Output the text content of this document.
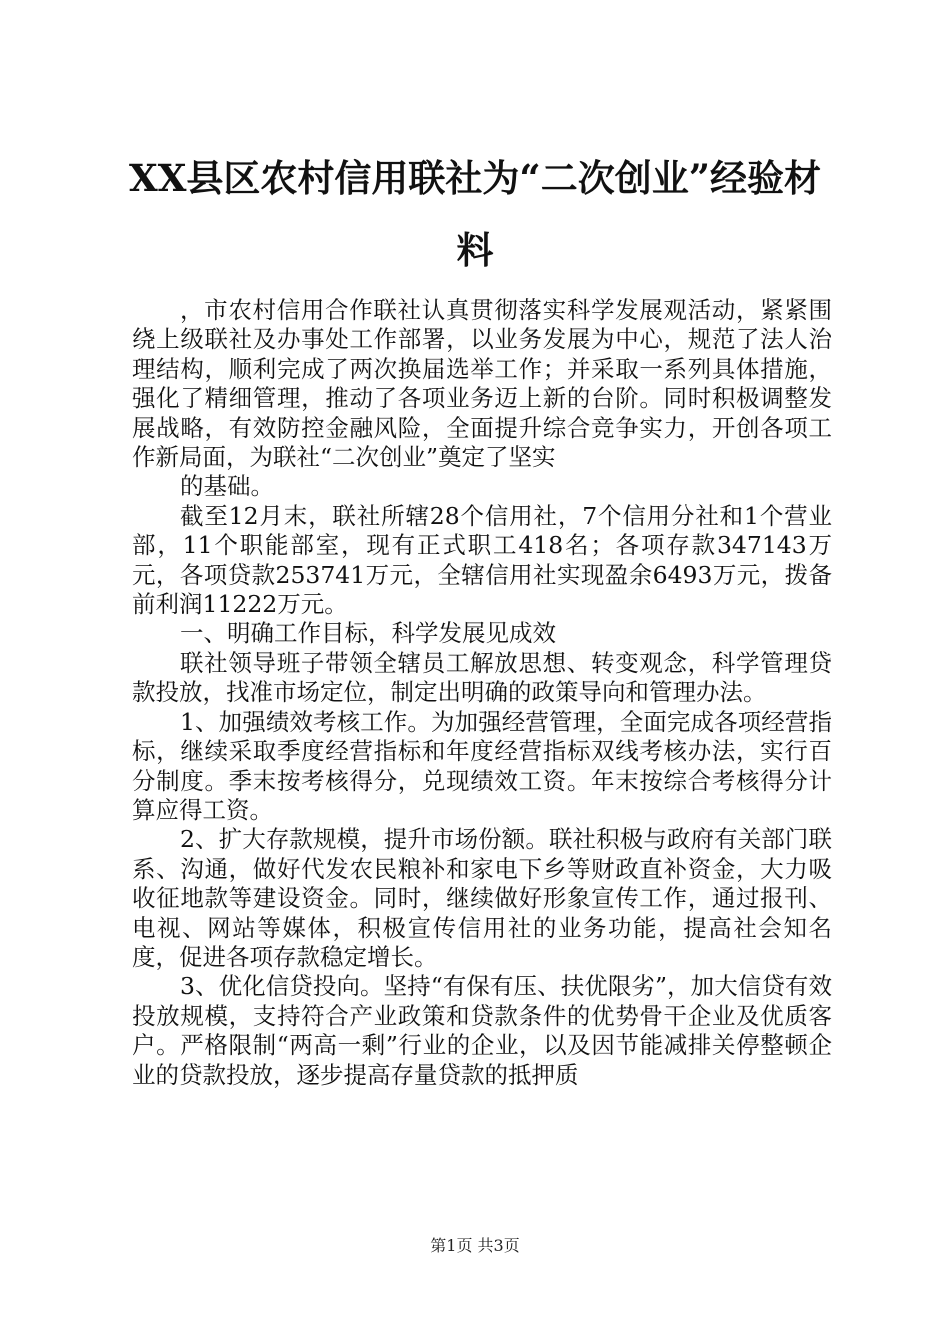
XX县区农村信用联社为“二次创业”经验材
料

，市农村信用合作联社认真贯彻落实科学发展观活动，紧紧围绕上级联社及办事处工作部署，以业务发展为中心，规范了法人治理结构，顺利完成了两次换届选举工作；并采取一系列具体措施，强化了精细管理，推动了各项业务迈上新的台阶。同时积极调整发展战略，有效防控金融风险，全面提升综合竞争实力，开创各项工作新局面，为联社“二次创业”奠定了坚实

的基础。

截至12月末，联社所辖28个信用社，7个信用分社和1个营业部，11个职能部室，现有正式职工418名；各项存款347143万元，各项贷款253741万元，全辖信用社实现盈余6493万元，拨备前利润11222万元。

一、明确工作目标，科学发展见成效

联社领导班子带领全辖员工解放思想、转变观念，科学管理贷款投放，找准市场定位，制定出明确的政策导向和管理办法。

1、加强绩效考核工作。为加强经营管理，全面完成各项经营指标，继续采取季度经营指标和年度经营指标双线考核办法，实行百分制度。季末按考核得分，兑现绩效工资。年末按综合考核得分计算应得工资。

2、扩大存款规模，提升市场份额。联社积极与政府有关部门联系、沟通，做好代发农民粮补和家电下乡等财政直补资金，大力吸收征地款等建设资金。同时，继续做好形象宣传工作，通过报刊、电视、网站等媒体，积极宣传信用社的业务功能，提高社会知名度，促进各项存款稳定增长。

3、优化信贷投向。坚持“有保有压、扶优限劣”，加大信贷有效投放规模，支持符合产业政策和贷款条件的优势骨干企业及优质客户。严格限制“两高一剩”行业的企业，以及因节能减排关停整顿企业的贷款投放，逐步提高存量贷款的抵押质

第1页 共3页
